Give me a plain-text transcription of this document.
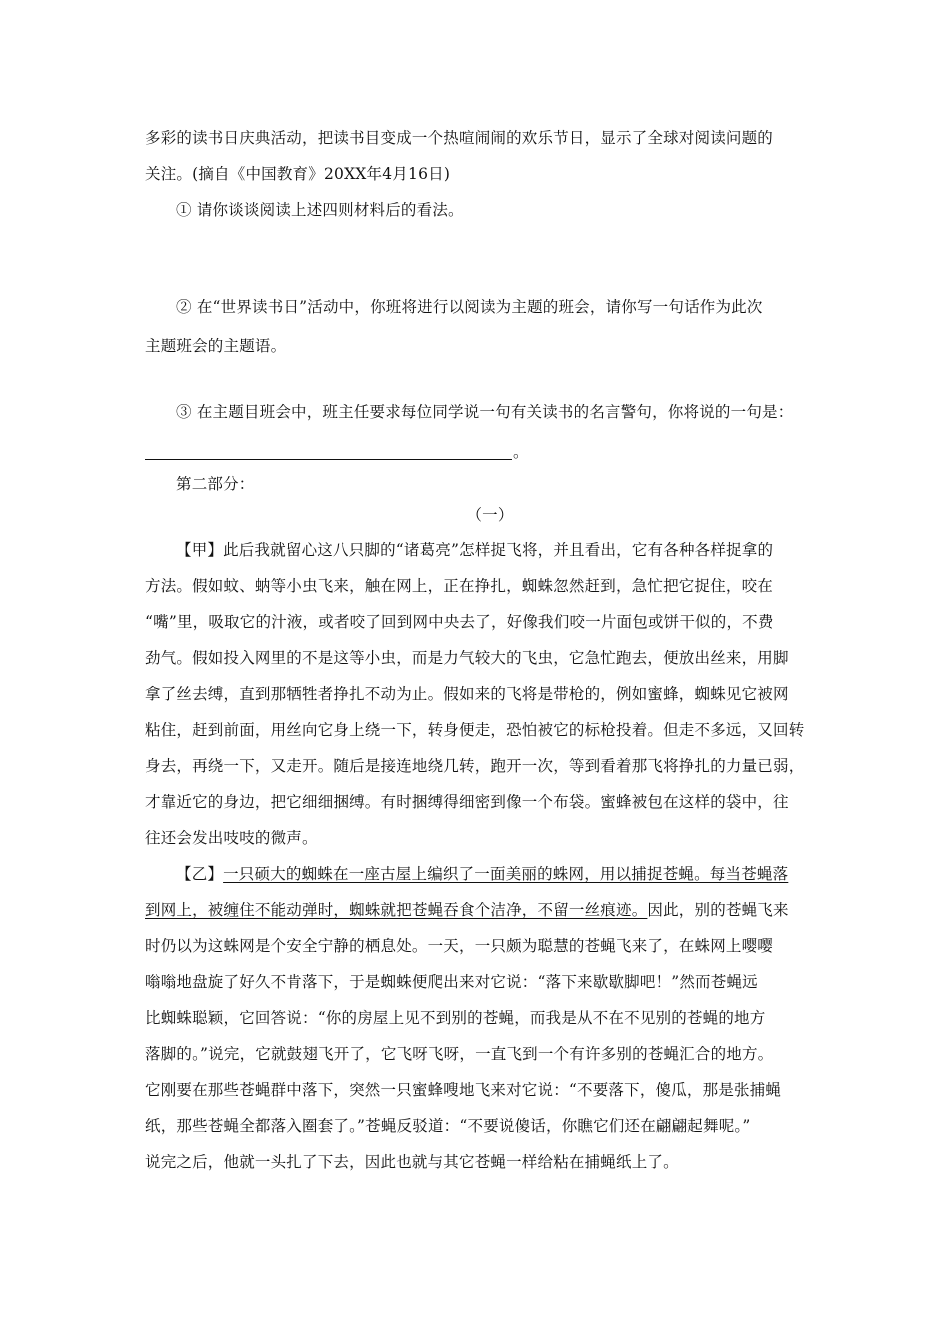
多彩的读书日庆典活动，把读书目变成一个热喧闹闹的欢乐节日，显示了全球对阅读问题的
关注。(摘自《中国教育》20XX年4月16日)
① 请你谈谈阅读上述四则材料后的看法。
② 在“世界读书日”活动中，你班将进行以阅读为主题的班会，请你写一句话作为此次
主题班会的主题语。
③ 在主题目班会中，班主任要求每位同学说一句有关读书的名言警句，你将说的一句是：
。
第二部分：
（一）
【甲】此后我就留心这八只脚的“诸葛亮”怎样捉飞将，并且看出，它有各种各样捉拿的
方法。假如蚊、蚋等小虫飞来，触在网上，正在挣扎，蜘蛛忽然赶到，急忙把它捉住，咬在
“嘴”里，吸取它的汁液，或者咬了回到网中央去了，好像我们咬一片面包或饼干似的，不费
劲气。假如投入网里的不是这等小虫，而是力气较大的飞虫，它急忙跑去，便放出丝来，用脚
拿了丝去缚，直到那牺牲者挣扎不动为止。假如来的飞将是带枪的，例如蜜蜂，蜘蛛见它被网
粘住，赶到前面，用丝向它身上绕一下，转身便走，恐怕被它的标枪投着。但走不多远，又回转
身去，再绕一下，又走开。随后是接连地绕几转，跑开一次，等到看着那飞将挣扎的力量已弱，
才靠近它的身边，把它细细捆缚。有时捆缚得细密到像一个布袋。蜜蜂被包在这样的袋中，往
往还会发出吱吱的微声。
【乙】一只硕大的蜘蛛在一座古屋上编织了一面美丽的蛛网，用以捕捉苍蝇。每当苍蝇落
到网上，被缠住不能动弹时，蜘蛛就把苍蝇吞食个洁净，不留一丝痕迹。因此，别的苍蝇飞来
时仍以为这蛛网是个安全宁静的栖息处。一天，一只颇为聪慧的苍蝇飞来了，在蛛网上嘤嘤
嗡嗡地盘旋了好久不肯落下，于是蜘蛛便爬出来对它说：“落下来歇歇脚吧！”然而苍蝇远
比蜘蛛聪颖，它回答说：“你的房屋上见不到别的苍蝇，而我是从不在不见别的苍蝇的地方
落脚的。”说完，它就鼓翅飞开了，它飞呀飞呀，一直飞到一个有许多别的苍蝇汇合的地方。
它刚要在那些苍蝇群中落下，突然一只蜜蜂嗖地飞来对它说：“不要落下，傻瓜，那是张捕蝇
纸，那些苍蝇全都落入圈套了。”苍蝇反驳道：“不要说傻话，你瞧它们还在翩翩起舞呢。”
说完之后，他就一头扎了下去，因此也就与其它苍蝇一样给粘在捕蝇纸上了。
